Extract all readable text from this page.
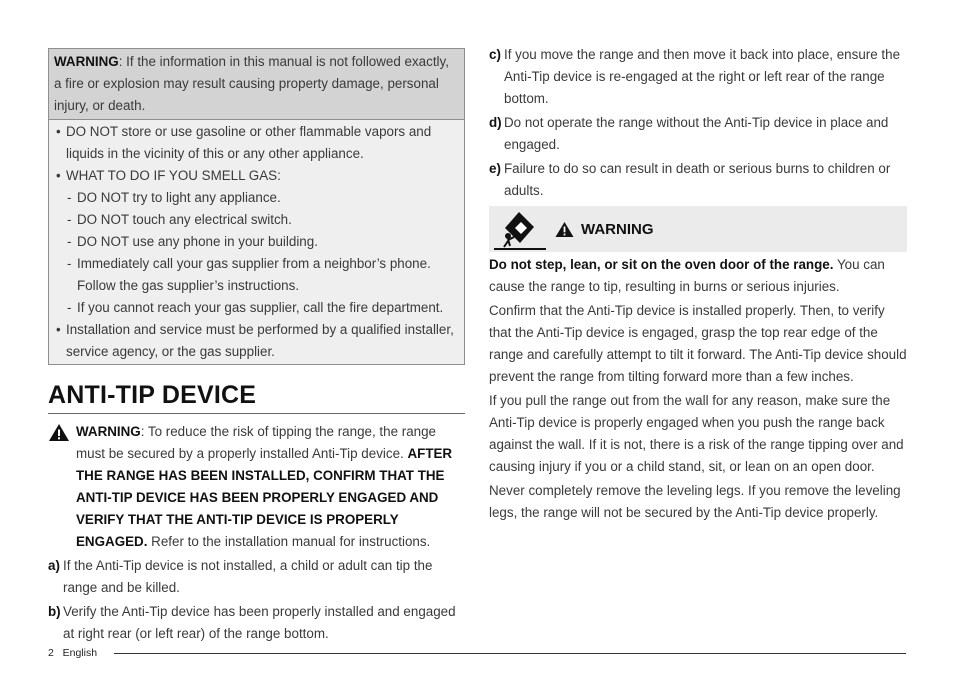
WARNING: If the information in this manual is not followed exactly, a fire or explosion may result causing property damage, personal injury, or death.
• DO NOT store or use gasoline or other flammable vapors and liquids in the vicinity of this or any other appliance.
• WHAT TO DO IF YOU SMELL GAS:
- DO NOT try to light any appliance.
- DO NOT touch any electrical switch.
- DO NOT use any phone in your building.
- Immediately call your gas supplier from a neighbor’s phone. Follow the gas supplier’s instructions.
- If you cannot reach your gas supplier, call the fire department.
• Installation and service must be performed by a qualified installer, service agency, or the gas supplier.
ANTI-TIP DEVICE
WARNING: To reduce the risk of tipping the range, the range must be secured by a properly installed Anti-Tip device. AFTER THE RANGE HAS BEEN INSTALLED, CONFIRM THAT THE ANTI-TIP DEVICE HAS BEEN PROPERLY ENGAGED AND VERIFY THAT THE ANTI-TIP DEVICE IS PROPERLY ENGAGED. Refer to the installation manual for instructions.
a) If the Anti-Tip device is not installed, a child or adult can tip the range and be killed.
b) Verify the Anti-Tip device has been properly installed and engaged at right rear (or left rear) of the range bottom.
c) If you move the range and then move it back into place, ensure the Anti-Tip device is re-engaged at the right or left rear of the range bottom.
d) Do not operate the range without the Anti-Tip device in place and engaged.
e) Failure to do so can result in death or serious burns to children or adults.
WARNING
Do not step, lean, or sit on the oven door of the range. You can cause the range to tip, resulting in burns or serious injuries.
Confirm that the Anti-Tip device is installed properly. Then, to verify that the Anti-Tip device is engaged, grasp the top rear edge of the range and carefully attempt to tilt it forward. The Anti-Tip device should prevent the range from tilting forward more than a few inches.
If you pull the range out from the wall for any reason, make sure the Anti-Tip device is properly engaged when you push the range back against the wall. If it is not, there is a risk of the range tipping over and causing injury if you or a child stand, sit, or lean on an open door.
Never completely remove the leveling legs. If you remove the leveling legs, the range will not be secured by the Anti-Tip device properly.
2 English
